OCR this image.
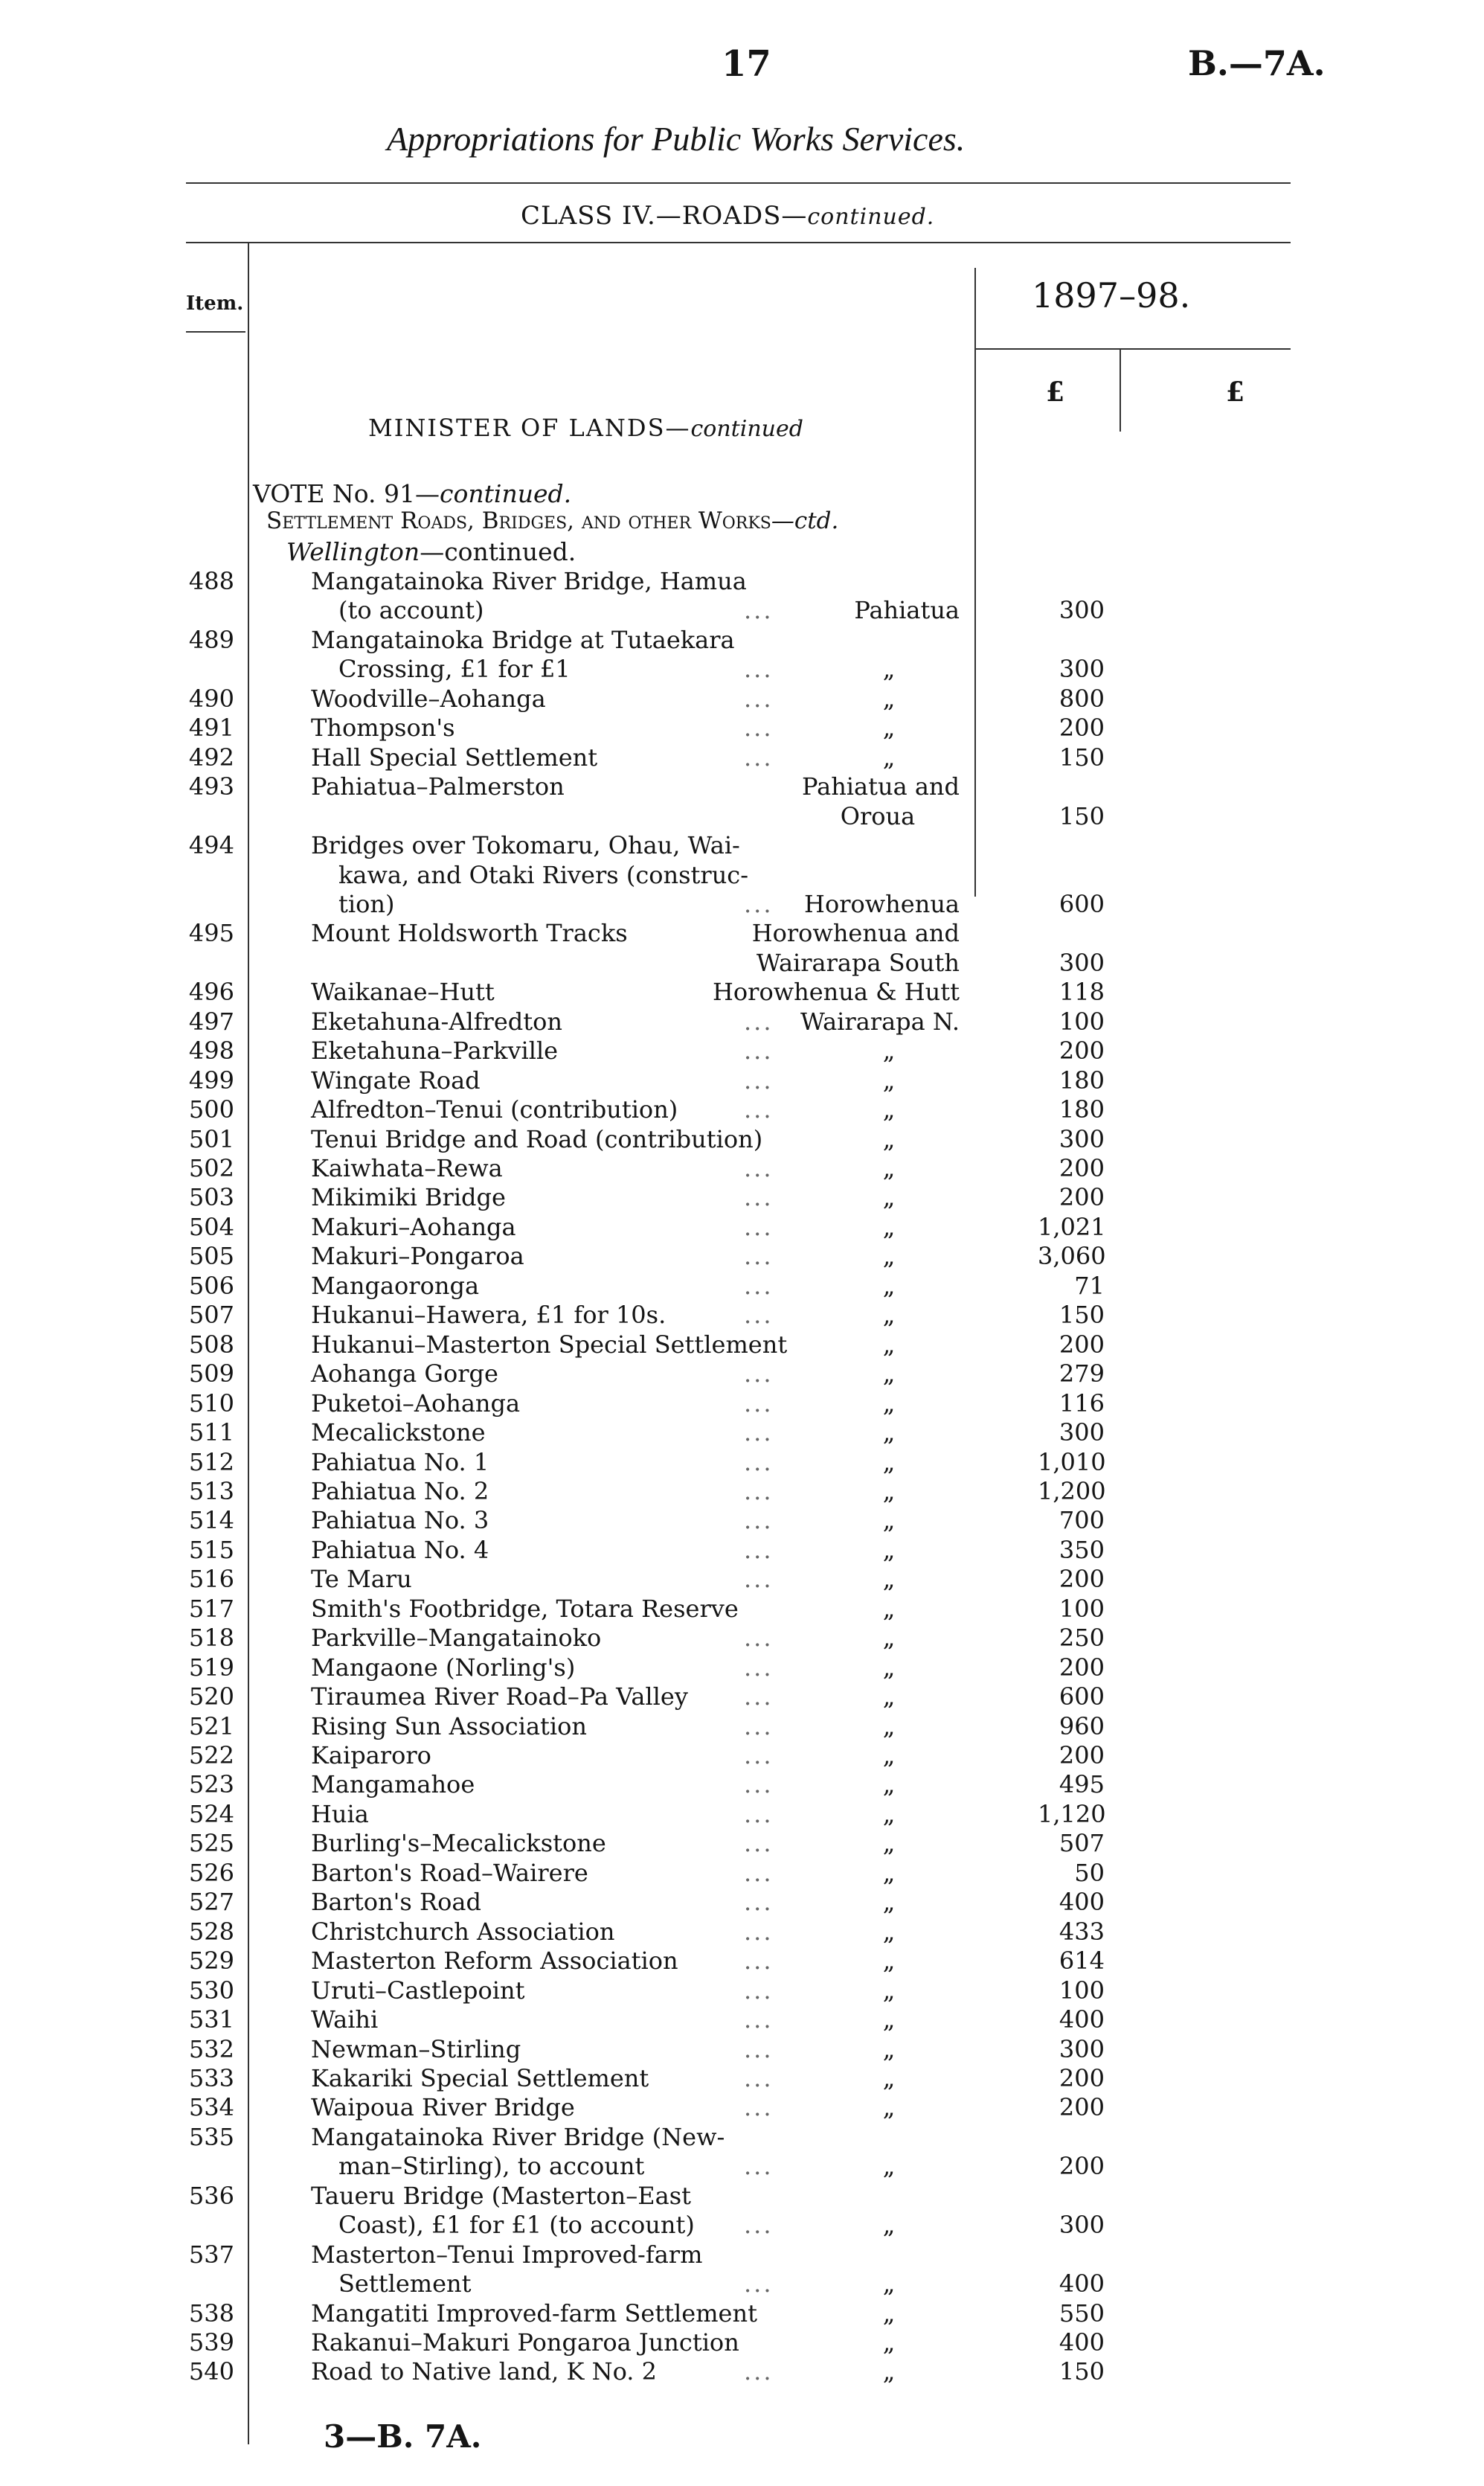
17	B.—7A.
Appropriations for Public Works Services.
CLASS IV.—ROADS—continued.
Item.	1897–98.
£	£
MINISTER OF LANDS—continued
VOTE No. 91—continued.
Settlement Roads, Bridges, and other Works—ctd.
Wellington—continued.
488	Mangatainoka River Bridge, Hamua
(to account)	...	Pahiatua	300
489	Mangatainoka Bridge at Tutaekara
Crossing, £1 for £1	...	„	300
490	Woodville–Aohanga	...	„	800
491	Thompson's	...	„	200
492	Hall Special Settlement	...	„	150
493	Pahiatua–Palmerston	Pahiatua and
Oroua	150
494	Bridges over Tokomaru, Ohau, Wai-
kawa, and Otaki Rivers (construc-
tion)	...	Horowhenua	600
495	Mount Holdsworth Tracks	Horowhenua and
Wairarapa South	300
496	Waikanae–Hutt	Horowhenua & Hutt	118
497	Eketahuna-Alfredton	...	Wairarapa N.	100
498	Eketahuna–Parkville	...	„	200
499	Wingate Road	...	„	180
500	Alfredton–Tenui (contribution)	...	„	180
501	Tenui Bridge and Road (contribution)	„	300
502	Kaiwhata–Rewa	...	„	200
503	Mikimiki Bridge	...	„	200
504	Makuri–Aohanga	...	„	1,021
505	Makuri–Pongaroa	...	„	3,060
506	Mangaoronga	...	„	71
507	Hukanui–Hawera, £1 for 10s.	...	„	150
508	Hukanui–Masterton Special Settlement	„	200
509	Aohanga Gorge	...	„	279
510	Puketoi–Aohanga	...	„	116
511	Mecalickstone	...	„	300
512	Pahiatua No. 1	...	„	1,010
513	Pahiatua No. 2	...	„	1,200
514	Pahiatua No. 3	...	„	700
515	Pahiatua No. 4	...	„	350
516	Te Maru	...	„	200
517	Smith's Footbridge, Totara Reserve	„	100
518	Parkville–Mangatainoko	...	„	250
519	Mangaone (Norling's)	...	„	200
520	Tiraumea River Road–Pa Valley ...	„	600
521	Rising Sun Association	...	„	960
522	Kaiparoro	...	„	200
523	Mangamahoe	...	„	495
524	Huia	...	„	1,120
525	Burling's–Mecalickstone	...	„	507
526	Barton's Road–Wairere	...	„	50
527	Barton's Road	...	„	400
528	Christchurch Association	...	„	433
529	Masterton Reform Association	...	„	614
530	Uruti–Castlepoint	...	„	100
531	Waihi	...	„	400
532	Newman–Stirling	...	„	300
533	Kakariki Special Settlement	...	„	200
534	Waipoua River Bridge	...	„	200
535	Mangatainoka River Bridge (New-
man–Stirling), to account	...	„	200
536	Taueru Bridge (Masterton–East
Coast), £1 for £1 (to account) ...	„	300
537	Masterton–Tenui Improved-farm
Settlement	...	„	400
538	Mangatiti Improved-farm Settlement	„	550
539	Rakanui–Makuri Pongaroa Junction	„	400
540	Road to Native land, K No. 2	...	„	150
3—B. 7A.
